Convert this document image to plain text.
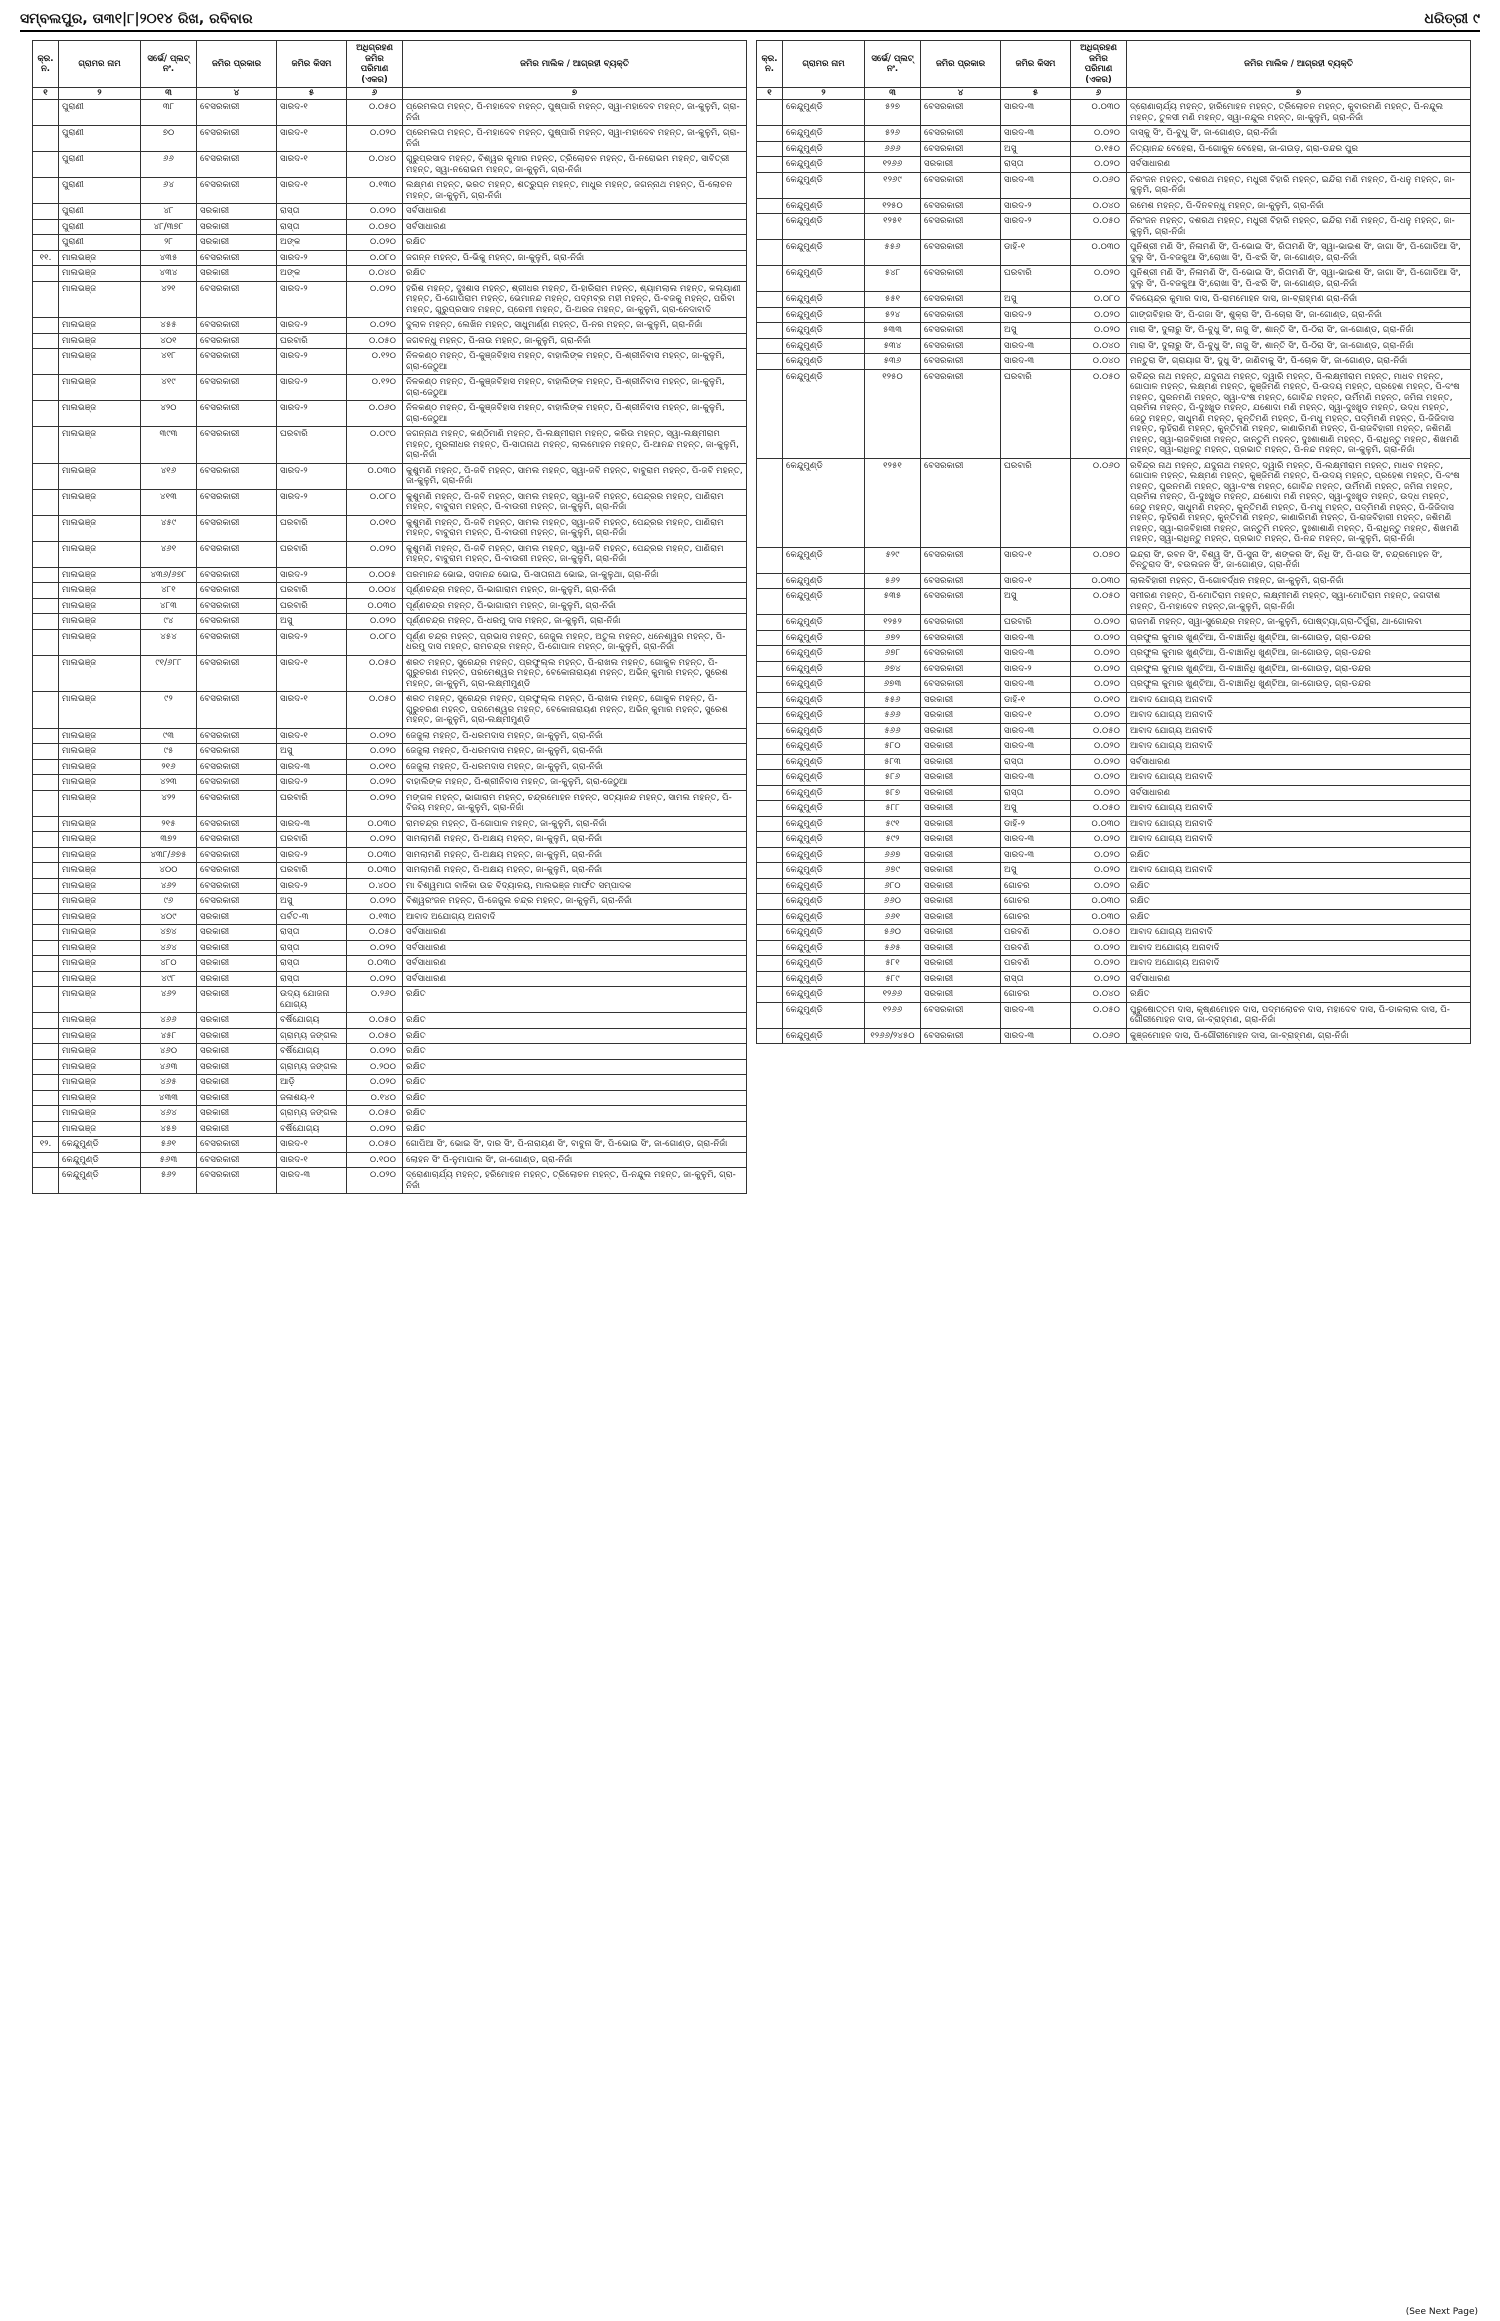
ସମ୍ବଲପୁର, ତା୩୧|୮|୨୦୧୪ ରିଖ, ରବିବାର	ଧରିତ୍ରୀ ୯
କ୍ର. ନ.	ଗ୍ରାମର ନାମ	ସର୍ଭେ/ ପ୍ଲଟ୍ ନଂ.	ଜମିର ପ୍ରକାର	ଜମିର କିସମ	ଅଧିଗ୍ରହଣ ଜମିର ପରିମାଣ (ଏକର)	ଜମିର ମାଲିକ / ଆଗ୍ରହୀ ବ୍ୟକ୍ତି
୧	୨	୩	୪	୫	୬	୭
	ପୁରାଣୀ	୩୮	ବେସରକାରୀ	ସାରଦ-୧	୦.୦୫୦	ପ୍ରେମଲତା ମହନ୍ତ, ପି-ମହାଦେବ ମହନ୍ତ, ପୁଷ୍ପାରି ମହନ୍ତ, ସ୍ୱା-ମହାଦେବ ମହନ୍ତ, ଜା-କୁଳୁମି, ଗ୍ରା-ନିଜାଁ
	ପୁରାଣୀ	୭୦	ବେସରକାରୀ	ସାରଦ-୧	୦.୦୨୦	ପ୍ରେମଲତା ମହନ୍ତ, ପି-ମହାଦେବ ମହନ୍ତ, ପୁଷ୍ପାରି ମହନ୍ତ, ସ୍ୱା-ମହାଦେବ ମହନ୍ତ, ଜା-କୁଳୁମି, ଗ୍ରା-ନିଜାଁ
	ପୁରାଣୀ	୬୬	ବେସରକାରୀ	ସାରଦ-୧	୦.୦୪୦	ଗୁରୁପ୍ରସାଦ ମହନ୍ତ, ବିଶ୍ୱର କୁମାର ମହନ୍ତ, ତ୍ରିଲୋଚନ ମହନ୍ତ, ପି-ନରୋଭମ ମହନ୍ତ, ସାବିତ୍ରୀ ମହନ୍ତ, ସ୍ୱା-ନରୋଭମ ମହନ୍ତ, ଜା-କୁଳୁମି, ଗ୍ରା-ନିଜାଁ
	ପୁରାଣୀ	୬୪	ବେସରକାରୀ	ସାରଦ-୧	୦.୧୩୦	ଲକ୍ଷ୍ମଣ ମହନ୍ତ, ଭରତ ମହନ୍ତ, ଶତ୍ରୁଘ୍ନ ମହନ୍ତ, ମାଧୁର ମହନ୍ତ, ଜଗନ୍ନାଥ ମହନ୍ତ, ପି-ଲୋଚନ ମହନ୍ତ, ଜା-କୁଳୁମି, ଗ୍ରା-ନିଜାଁ
	ପୁରାଣୀ	୪୮	ସରକାରୀ	ରାସ୍ତା	୦.୦୨୦	ସର୍ବସାଧାରଣ
	ପୁରାଣୀ	୪୮/୩୭୮	ସରକାରୀ	ରାସ୍ତା	୦.୦୭୦	ସର୍ବସାଧାରଣ
	ପୁରାଣୀ	୨୮	ସରକାରୀ	ଅଙ୍କ	୦.୦୨୦	ରକ୍ଷିତ
୧୧.	ମାଲଭଞ୍ଜ	୪୩୫	ବେସରକାରୀ	ସାରଦ-୨	୦.୦୮୦	ଜଗନ୍ନ ମହନ୍ତ, ପି-ଭିକୁ ମହନ୍ତ, ଜା-କୁଳୁମି, ଗ୍ରା-ନିଜାଁ
	ମାଲଭଞ୍ଜ	୪୩୪	ସରକାରୀ	ଅଙ୍କ	୦.୦୪୦	ରକ୍ଷିତ
	ମାଲଭଞ୍ଜ	୪୨୧	ବେସରକାରୀ	ସାରଦ-୨	୦.୦୨୦	ହରିଶ ମହନ୍ତ, ଦୁଃଶାସ ମହନ୍ତ, ଶ୍ରୀଧର ମହନ୍ତ, ପି-ହାରିରାମ ମହନ୍ତ, ଶ୍ୟାମଲାଲ ମହନ୍ତ, କଲ୍ୟାଣୀ ମହନ୍ତ, ପି-ଗୋପିରାମ ମହନ୍ତ, ଭେମାନନ୍ଦ ମହନ୍ତ, ପଦ୍ମବ୍ର ମହୀ ମହନ୍ତ, ପି-ବଜକୁ ମହନ୍ତ, ପରିବା ମହନ୍ତ, ଗୁରୁପ୍ରସାଦ ମହନ୍ତ, ପ୍ରେମୀ ମହନ୍ତ, ପି-ଅରଜ ମହନ୍ତ, ଜା-କୁଳୁମି, ଗ୍ରା-ନେଦାବାଦି
	ମାଲଭଞ୍ଜ	୪୫୫	ବେସରକାରୀ	ସାରଦ-୨	୦.୦୨୦	ଦୁଲାଳ ମହନ୍ତ, ଲେଖିନ ମହନ୍ତ, ସାଧୁମାର୍ଣ୍ଣ ମହନ୍ତ, ପି-ନର ମହନ୍ତ, ଜା-କୁଳୁମି, ଗ୍ରା-ନିଜାଁ
	ମାଲଭଞ୍ଜ	୪୦୧	ବେସରକାରୀ	ଘରବାରି	୦.୦୫୦	ଜଗବନ୍ଧୁ ମହନ୍ତ, ପି-ନାଉ ମହନ୍ତ, ଜା-କୁଳୁମି, ଗ୍ରା-ନିଜାଁ
	ମାଲଭଞ୍ଜ	୪୧୮	ବେସରକାରୀ	ସାରଦ-୨	୦.୧୨୦	ନିଳକଣ୍ଠ ମହନ୍ତ, ପି-କୁଞ୍ଜବିହାସ ମହନ୍ତ, ବାହାଲିଙ୍କ ମହନ୍ତ, ପି-ଶ୍ରୀନିବାସ ମହନ୍ତ, ଜା-କୁଳୁମି, ଗ୍ରା-ଜେଠୁଆ
	ମାଲଭଞ୍ଜ	୪୧୯	ବେସରକାରୀ	ସାରଦ-୨	୦.୧୨୦	ନିଳକଣ୍ଠ ମହନ୍ତ, ପି-କୁଞ୍ଜବିହାସ ମହନ୍ତ, ବାହାଲିଙ୍କ ମହନ୍ତ, ପି-ଶ୍ରୀନିବାସ ମହନ୍ତ, ଜା-କୁଳୁମି, ଗ୍ରା-ଜେଠୁଆ
	ମାଲଭଞ୍ଜ	୪୨୦	ବେସରକାରୀ	ସାରଦ-୨	୦.୦୬୦	ନିଳକଣ୍ଠ ମହନ୍ତ, ପି-କୁଞ୍ଜବିହାସ ମହନ୍ତ, ବାହାଲିଙ୍କ ମହନ୍ତ, ପି-ଶ୍ରୀନିବାସ ମହନ୍ତ, ଜା-କୁଳୁମି, ଗ୍ରା-ଜେଠୁଆ
	ମାଲଭଞ୍ଜ	୩୯୩	ବେସରକାରୀ	ଘରବାରି	୦.୦୯୦	ଜଗନ୍ନାଥ ମହନ୍ତ, କଣ୍ଠିମାଣି ମହନ୍ତ, ପି-ଲକ୍ଷ୍ମୀରାମ ମହନ୍ତ, କରିଉ ମହନ୍ତ, ସ୍ୱା-ଲକ୍ଷ୍ମୀରାମ ମହନ୍ତ, ମୁରଲୀଧର ମହନ୍ତ, ପି-ସାତାନାଥ ମହନ୍ତ, ଲାଲମୋହନ ମହନ୍ତ, ପି-ଆନନ୍ଦ ମହନ୍ତ, ଜା-କୁଳୁମି, ଗ୍ରା-ନିଜାଁ
	ମାଲଭଞ୍ଜ	୪୧୬	ବେସରକାରୀ	ସାରଦ-୨	୦.୦୩୦	କୁଶୁମଣି ମହନ୍ତ, ପି-ଜବି ମହନ୍ତ, ସାମଲ ମହନ୍ତ, ସ୍ୱା-ଜବି ମହନ୍ତ, ବାବୁରାମ ମହନ୍ତ, ପି-ଜବି ମହନ୍ତ, ଜା-କୁଳୁମି, ଗ୍ରା-ନିଜାଁ
	ମାଲଭଞ୍ଜ	୪୧୩	ବେସରକାରୀ	ସାରଦ-୨	୦.୦୮୦	କୁଶୁମଣି ମହନ୍ତ, ପି-ଜବି ମହନ୍ତ, ସାମଲ ମହନ୍ତ, ସ୍ୱା-ଜବି ମହନ୍ତ, ପେନ୍ଦ୍ରର ମହନ୍ତ, ପାଣିରାମ ମହନ୍ତ, ବାବୁରାମ ମହନ୍ତ, ପି-ବାଉରୀ ମହନ୍ତ, ଜା-କୁଳୁମି, ଗ୍ରା-ନିଜାଁ
	ମାଲଭଞ୍ଜ	୪୫୯	ବେସରକାରୀ	ଘରବାରି	୦.୦୧୦	କୁଶୁମଣି ମହନ୍ତ, ପି-ଜବି ମହନ୍ତ, ସାମଲ ମହନ୍ତ, ସ୍ୱା-ଜବି ମହନ୍ତ, ପେନ୍ଦ୍ରର ମହନ୍ତ, ପାଣିରାମ ମହନ୍ତ, ବାବୁରାମ ମହନ୍ତ, ପି-ବାଉରୀ ମହନ୍ତ, ଜା-କୁଳୁମି, ଗ୍ରା-ନିଜାଁ
	ମାଲଭଞ୍ଜ	୪୬୧	ବେସରକାରୀ	ଘରବାରି	୦.୦୨୦	କୁଶୁମଣି ମହନ୍ତ, ପି-ଜବି ମହନ୍ତ, ସାମଲ ମହନ୍ତ, ସ୍ୱା-ଜବି ମହନ୍ତ, ପେନ୍ଦ୍ରର ମହନ୍ତ, ପାଣିରାମ ମହନ୍ତ, ବାବୁରାମ ମହନ୍ତ, ପି-ବାଉରୀ ମହନ୍ତ, ଜା-କୁଳୁମି, ଗ୍ରା-ନିଜାଁ
	ମାଲଭଞ୍ଜ	୪୩୬/୬୭୮	ବେସରକାରୀ	ସାରଦ-୨	୦.୦୦୫	ପରମାନନ୍ଦ ଭୋଇ, ସଦାନନ୍ଦ ଭୋଇ, ପି-ସାତାନାଥ ଭୋଇ, ଜା-କୁଳୁଥା, ଗ୍ରା-ନିଜାଁ
	ମାଲଭଞ୍ଜ	୪୮୧	ବେସରକାରୀ	ଘରବାରି	୦.୦୦୪	ପୂର୍ଣ୍ଣଚନ୍ଦ୍ର ମହନ୍ତ, ପି-ଭାଗାରାମ ମହନ୍ତ, ଜା-କୁଳୁମି, ଗ୍ରା-ନିଜାଁ
	ମାଲଭଞ୍ଜ	୪୮୩	ବେସରକାରୀ	ଘରବାରି	୦.୦୩୦	ପୂର୍ଣ୍ଣଚନ୍ଦ୍ର ମହନ୍ତ, ପି-ଭାଗାରାମ ମହନ୍ତ, ଜା-କୁଳୁମି, ଗ୍ରା-ନିଜାଁ
	ମାଲଭଞ୍ଜ	୯୪	ବେସରକାରୀ	ଅସୁ	୦.୦୨୦	ପୂର୍ଣ୍ଣଚନ୍ଦ୍ର ମହନ୍ତ, ପି-ଧରମୁ ଦାସ ମହନ୍ତ, ଜା-କୁଳୁମି, ଗ୍ରା-ନିଜାଁ
	ମାଲଭଞ୍ଜ	୪୫୪	ବେସରକାରୀ	ସାରଦ-୨	୦.୦୮୦	ପୂର୍ଣ୍ଣ ଚନ୍ଦ୍ର ମହନ୍ତ, ପ୍ରଭାସ ମହନ୍ତ, ଜେଜୁଲ ମହନ୍ତ, ଅତୁଲ ମହନ୍ତ, ଧନେଶ୍ୱର ମହନ୍ତ, ପି-ଧରମୁ ଦାସ ମହନ୍ତ, ରାମଚନ୍ଦ୍ର ମହନ୍ତ, ପି-ଗୋପାଳ ମହନ୍ତ, ଜା-କୁଳୁମି, ଗ୍ରା-ନିଜାଁ
	ମାଲଭଞ୍ଜ	୯୧/୬୮୮	ବେସରକାରୀ	ସାରଦ-୧	୦.୦୫୦	ଶରତ ମହନ୍ତ, ସୁରେନ୍ଦ୍ର ମହନ୍ତ, ପ୍ରଫୁଲ୍ଲ ମହନ୍ତ, ପି-ରାଖଲ ମହନ୍ତ, ଗୋକୁଳ ମହନ୍ତ, ପି-ଗୁରୁଚରଣ ମହନ୍ତ, ପରମେଶ୍ୱର ମହନ୍ତ, ବେକୋନାରାୟଣ ମହନ୍ତ, ଅଭିନ୍ କୁମାର ମହନ୍ତ, ସୁରେଶ ମହନ୍ତ, ଜା-କୁଳୁମି, ଗ୍ରା-ଲକ୍ଷ୍ମୀମୁଣ୍ଡି
	ମାଲଭଞ୍ଜ	୯୨	ବେସରକାରୀ	ସାରଦ-୧	୦.୦୫୦	ଶରତ ମହନ୍ତ, ସୁରେନ୍ଦ୍ର ମହନ୍ତ, ପ୍ରଫୁଲ୍ଲ ମହନ୍ତ, ପି-ରାଖଲ ମହନ୍ତ, ଗୋକୁଳ ମହନ୍ତ, ପି-ଗୁରୁଚରଣ ମହନ୍ତ, ପରମେଶ୍ୱର ମହନ୍ତ, ବେକୋନାରାୟଣ ମହନ୍ତ, ଅଭିନ୍ କୁମାର ମହନ୍ତ, ସୁରେଶ ମହନ୍ତ, ଜା-କୁଳୁମି, ଗ୍ରା-ଲକ୍ଷ୍ମୀମୁଣ୍ଡି
	ମାଲଭଞ୍ଜ	୯୩	ବେସରକାରୀ	ସାରଦ-୧	୦.୦୨୦	ଜେଜୁଲା ମହନ୍ତ, ପି-ଧରମଦାସ ମହନ୍ତ, ଜା-କୁଳୁମି, ଗ୍ରା-ନିଜାଁ
	ମାଲଭଞ୍ଜ	୯୫	ବେସରକାରୀ	ଅସୁ	୦.୦୨୦	ଜେଜୁଲା ମହନ୍ତ, ପି-ଧରମଦାସ ମହନ୍ତ, ଜା-କୁଳୁମି, ଗ୍ରା-ନିଜାଁ
	ମାଲଭଞ୍ଜ	୨୧୬	ବେସରକାରୀ	ସାରଦ-୩	୦.୦୧୦	ଜେଜୁଲା ମହନ୍ତ, ପି-ଧରମଦାସ ମହନ୍ତ, ଜା-କୁଳୁମି, ଗ୍ରା-ନିଜାଁ
	ମାଲଭଞ୍ଜ	୪୨୩	ବେସରକାରୀ	ସାରଦ-୨	୦.୦୨୦	ବାହାଲିଙ୍କ ମହନ୍ତ, ପି-ଶ୍ରୀନିବାସ ମହନ୍ତ, ଜା-କୁଳୁମି, ଗ୍ରା-ଜେଠୁଆ
	ମାଲଭଞ୍ଜ	୪୨୨	ବେସରକାରୀ	ଘରବାରି	୦.୦୨୦	ମଙ୍ଗଳ ମହନ୍ତ, ଭାଗାରାମ ମହନ୍ତ, ଚନ୍ଦ୍ରମୋହନ ମହନ୍ତ, ସତ୍ୟାନନ୍ଦ ମହନ୍ତ, ସାମଲ ମହନ୍ତ, ପି-ବିଜୟ ମହନ୍ତ, ଜା-କୁଳୁମି, ଗ୍ରା-ନିଜାଁ
	ମାଲଭଞ୍ଜ	୨୧୫	ବେସରକାରୀ	ସାରଦ-୩	୦.୦୩୦	ରାମଚନ୍ଦ୍ର ମହନ୍ତ, ପି-ଗୋପାଳ ମହନ୍ତ, ଜା-କୁଳୁମି, ଗ୍ରା-ନିଜାଁ
	ମାଲଭଞ୍ଜ	୩୭୨	ବେସରକାରୀ	ଘରବାରି	୦.୦୨୦	ସାମଲାମଣି ମହନ୍ତ, ପି-ଅକ୍ଷୟ ମହନ୍ତ, ଜା-କୁଳୁମି, ଗ୍ରା-ନିଜାଁ
	ମାଲଭଞ୍ଜ	୪୩୮/୬୭୫	ବେସରକାରୀ	ସାରଦ-୨	୦.୦୩୦	ସାମଲାମଣି ମହନ୍ତ, ପି-ଅକ୍ଷୟ ମହନ୍ତ, ଜା-କୁଳୁମି, ଗ୍ରା-ନିଜାଁ
	ମାଲଭଞ୍ଜ	୪୦୦	ବେସରକାରୀ	ଘରବାରି	୦.୦୩୦	ସାମଲାମଣି ମହନ୍ତ, ପି-ଅକ୍ଷୟ ମହନ୍ତ, ଜା-କୁଳୁମି, ଗ୍ରା-ନିଜାଁ
	ମାଲଭଞ୍ଜ	୪୬୨	ବେସରକାରୀ	ସାରଦ-୨	୦.୪୦୦	ମା ବିଶ୍ୱମାତା ବାଳିକା ଉଚ୍ଚ ବିଦ୍ୟାଳୟ, ମାଲଭଞ୍ଜ ମାର୍ଫତ ସମ୍ପାଦକ
	ମାଲଭଞ୍ଜ	୯୬	ବେସରକାରୀ	ଅସୁ	୦.୦୨୦	ବିଶ୍ୱରଂଜନ ମହନ୍ତ, ପି-ଜେଜୁଲ ଚନ୍ଦ୍ର ମହନ୍ତ, ଜା-କୁଳୁମି, ଗ୍ରା-ନିଜାଁ
	ମାଲଭଞ୍ଜ	୪୦୯	ସରକାରୀ	ପର୍ବତ-୩	୦.୧୩୦	ଆବାଦ ଅଯୋଗ୍ୟ ଅନାବାଦି
	ମାଲଭଞ୍ଜ	୪୭୪	ସରକାରୀ	ରାସ୍ତା	୦.୦୫୦	ସର୍ବସାଧାରଣ
	ମାଲଭଞ୍ଜ	୪୬୪	ସରକାରୀ	ରାସ୍ତା	୦.୦୨୦	ସର୍ବସାଧାରଣ
	ମାଲଭଞ୍ଜ	୪୮୦	ସରକାରୀ	ରାସ୍ତା	୦.୦୩୦	ସର୍ବସାଧାରଣ
	ମାଲଭଞ୍ଜ	୪୯୮	ସରକାରୀ	ରାସ୍ତା	୦.୦୨୦	ସର୍ବସାଧାରଣ
	ମାଲଭଞ୍ଜ	୪୬୨	ସରକାରୀ	ଉଦ୍ୟ ଯୋଜନା ଯୋଗ୍ୟ	୦.୨୬୦	ରକ୍ଷିତ
	ମାଲଭଞ୍ଜ	୪୬୬	ସରକାରୀ	ବର୍ଷିଯୋଗ୍ୟ	୦.୦୫୦	ରକ୍ଷିତ
	ମାଲଭଞ୍ଜ	୪୫୮	ସରକାରୀ	ଗ୍ରାମ୍ୟ ଜଙ୍ଗଲ	୦.୦୫୦	ରକ୍ଷିତ
	ମାଲଭଞ୍ଜ	୪୬୦	ସରକାରୀ	ବର୍ଷିଯୋଗ୍ୟ	୦.୦୨୦	ରକ୍ଷିତ
	ମାଲଭଞ୍ଜ	୪୬୩	ସରକାରୀ	ଗ୍ରାମ୍ୟ ଜଙ୍ଗଲ	୦.୨୦୦	ରକ୍ଷିତ
	ମାଲଭଞ୍ଜ	୪୬୫	ସରକାରୀ	ଆଡ଼ି	୦.୦୨୦	ରକ୍ଷିତ
	ମାଲଭଞ୍ଜ	୪୩୩	ସରକାରୀ	ଜଳାଶୟ-୧	୦.୧୪୦	ରକ୍ଷିତ
	ମାଲଭଞ୍ଜ	୪୬୪	ସରକାରୀ	ଗ୍ରାମ୍ୟ ଜଙ୍ଗଲ	୦.୦୫୦	ରକ୍ଷିତ
	ମାଲଭଞ୍ଜ	୪୫୭	ସରକାରୀ	ବର୍ଷିଯୋଗ୍ୟ	୦.୦୨୦	ରକ୍ଷିତ
୧୨.	କେନ୍ଦୁମୁଣ୍ଡି	୫୬୧	ବେସରକାରୀ	ସାରଦ-୧	୦.୦୫୦	ଗୋପିଆ ସିଂ, ଭୋଇ ସିଂ, ଦାର ସିଂ, ପି-ନାରାୟଣ ସିଂ, ବାବୁନା ସିଂ, ପି-ଭୋଇ ସିଂ, ଜା-ଗୋଣ୍ଡ, ଗ୍ରା-ନିଜାଁ
	କେନ୍ଦୁମୁଣ୍ଡି	୫୬୩	ବେସରକାରୀ	ସାରଦ-୧	୦.୧୦୦	ଲୋହନ ସିଂ ପି-ନୁମାପାଲ ସିଂ, ଜା-ଗୋଣ୍ଡ, ଗ୍ରା-ନିଜାଁ
	କେନ୍ଦୁମୁଣ୍ଡି	୫୬୨	ବେସରକାରୀ	ସାରଦ-୩	୦.୦୨୦	ଦ୍ରୋଣାଚାର୍ଯ୍ୟ ମହନ୍ତ, ହରିମୋହନ ମହନ୍ତ, ତ୍ରିଲୋଚନ ମହନ୍ତ, ପି-ନନ୍ଦୁଲ ମହନ୍ତ, ଜା-କୁଳୁମି, ଗ୍ରା-ନିଜାଁ
କ୍ର. ନ.	ଗ୍ରାମର ନାମ	ସର୍ଭେ/ ପ୍ଲଟ୍ ନଂ.	ଜମିର ପ୍ରକାର	ଜମିର କିସମ	ଅଧିଗ୍ରହଣ ଜମିର ପରିମାଣ (ଏକର)	ଜମିର ମାଲିକ / ଆଗ୍ରହୀ ବ୍ୟକ୍ତି
୧	୨	୩	୪	୫	୬	୭
	କେନ୍ଦୁମୁଣ୍ଡି	୫୨୭	ବେସରକାରୀ	ସାରଦ-୩	୦.୦୩୦	ଦ୍ରୋଣାଚାର୍ଯ୍ୟ ମହନ୍ତ, ହାରିମୋହନ ମହନ୍ତ, ତ୍ରିଲୋଚନ ମହନ୍ତ, କୁବାରମଣି ମହନ୍ତ, ପି-ନନ୍ଦୁଲ ମହନ୍ତ, ତୁଳସୀ ମଣି ମହନ୍ତ, ସ୍ୱା-ନନ୍ଦୁଲ ମହନ୍ତ, ଜା-କୁଳୁମି, ଗ୍ରା-ନିଜାଁ
	କେନ୍ଦୁମୁଣ୍ଡି	୫୨୬	ବେସରକାରୀ	ସାରଦ-୩	୦.୦୨୦	ଦାସ୍କୁ ସିଂ, ପି-ବୁଧୁ ସିଂ, ଜା-ଗୋଣ୍ଡ, ଗ୍ରା-ନିଜାଁ
	କେନ୍ଦୁମୁଣ୍ଡି	୬୬୬	ବେସରକାରୀ	ଅସୁ	୦.୧୫୦	ନିତ୍ୟାନନ୍ଦ ବେହେରା, ପି-ଗୋକୁଳ ବେହେରା, ଜା-ଗଉଡ଼, ଗ୍ରା-ଡନ୍ଦର ପୁର
	କେନ୍ଦୁମୁଣ୍ଡି	୧୨୬୬	ସରକାରୀ	ରାସ୍ତା	୦.୦୨୦	ସର୍ବସାଧାରଣ
	କେନ୍ଦୁମୁଣ୍ଡି	୧୨୬୯	ବେସରକାରୀ	ସାରଦ-୩	୦.୦୬୦	ନିରଂଜନ ମହନ୍ତ, ଦଶରଥ ମହନ୍ତ, ମଧୁରୀ ବିହାରି ମହନ୍ତ, ଇନ୍ଦିରା ମଣି ମହନ୍ତ, ପି-ଧନୁ ମହନ୍ତ, ଜା-କୁଳୁମି, ଗ୍ରା-ନିଜାଁ
	କେନ୍ଦୁମୁଣ୍ଡି	୧୨୫୦	ବେସରକାରୀ	ସାରଦ-୨	୦.୦୪୦	ରମେଶ ମହନ୍ତ, ପି-ଦିନବନ୍ଧୁ ମହନ୍ତ, ଜା-କୁଳୁମି, ଗ୍ରା-ନିଜାଁ
	କେନ୍ଦୁମୁଣ୍ଡି	୧୨୫୧	ବେସରକାରୀ	ସାରଦ-୨	୦.୦୫୦	ନିରଂଜନ ମହନ୍ତ, ଦଶରଥ ମହନ୍ତ, ମଧୁରୀ ବିହାରି ମହନ୍ତ, ଇନ୍ଦିରା ମଣି ମହନ୍ତ, ପି-ଧନୁ ମହନ୍ତ, ଜା-କୁଳୁମି, ଗ୍ରା-ନିଜାଁ
	କେନ୍ଦୁମୁଣ୍ଡି	୫୫୬	ବେସରକାରୀ	ଡାହି-୧	୦.୦୩୦	ପୁନିଶ୍ରୀ ମଣି ସିଂ, ନିଳାମଣି ସିଂ, ପି-ଭୋଇ ସିଂ, ରିତାମଣି ସିଂ, ସ୍ୱା-ଭାଇଶ ସିଂ, ଜାଗା ସିଂ, ପି-ଗୋଡିଆ ସିଂ, ଦୁଲୁ ସିଂ, ପି-ବଜକୁଆ ସିଂ,ରୋଖା ସିଂ, ପି-ଝରି ସିଂ, ଜା-ଗୋଣ୍ଡ, ଗ୍ରା-ନିଜାଁ
	କେନ୍ଦୁମୁଣ୍ଡି	୫୪୮	ବେସରକାରୀ	ଘରବାରି	୦.୦୨୦	ପୁନିଶ୍ରୀ ମଣି ସିଂ, ନିଳାମଣି ସିଂ, ପି-ଭୋଇ ସିଂ, ରିତାମଣି ସିଂ, ସ୍ୱା-ଭାଇଶ ସିଂ, ଜାଗା ସିଂ, ପି-ଗୋଡିଆ ସିଂ, ଦୁଲୁ ସିଂ, ପି-ବଜକୁଆ ସିଂ,ରୋଖା ସିଂ, ପି-ଝରି ସିଂ, ଜା-ଗୋଣ୍ଡ, ଗ୍ରା-ନିଜାଁ
	କେନ୍ଦୁମୁଣ୍ଡି	୫୫୧	ବେସରକାରୀ	ଅସୁ	୦.୦୮୦	ବିଜୟେନ୍ଦ୍ର କୁମାର ଦାସ, ପି-ରାମମୋହନ ଦାସ, ଜା-ବ୍ରାହ୍ମଣ ଗ୍ରା-ନିଜାଁ
	କେନ୍ଦୁମୁଣ୍ଡି	୫୨୪	ବେସରକାରୀ	ସାରଦ-୨	୦.୦୨୦	ଗାଙ୍ଗବିହାର ସିଂ, ପି-ଗଜା ସିଂ, ଶୁକ୍ରା ସିଂ, ପି-ଚୋରା ସିଂ, ଜା-ଗୋଣ୍ଡ, ଗ୍ରା-ନିଜାଁ
	କେନ୍ଦୁମୁଣ୍ଡି	୫୩୩	ବେସରକାରୀ	ଅସୁ	୦.୦୨୦	ମାରା ସିଂ, ଦୁଲାରୁ ସିଂ, ପି-ବୁଧୁ ସିଂ, ନାଜୁ ସିଂ, ଶାନ୍ତି ସିଂ, ପି-ଠିରା ସିଂ, ଜା-ଗୋଣ୍ଡ, ଗ୍ରା-ନିଜାଁ
	କେନ୍ଦୁମୁଣ୍ଡି	୫୩୪	ବେସରକାରୀ	ସାରଦ-୩	୦.୦୪୦	ମାରା ସିଂ, ଦୁଲାରୁ ସିଂ, ପି-ବୁଧୁ ସିଂ, ନାଜୁ ସିଂ, ଶାନ୍ତି ସିଂ, ପି-ଠିରା ସିଂ, ଜା-ଗୋଣ୍ଡ, ଗ୍ରା-ନିଜାଁ
	କେନ୍ଦୁମୁଣ୍ଡି	୫୩୬	ବେସରକାରୀ	ସାରଦ-୩	୦.୦୪୦	ମନ୍ତୁରା ସିଂ, ଗ୍ରାୟାଗ ସିଂ, ଦୁଧୁ ସିଂ, ଜାଣିବାକୁ ସିଂ, ପି-ଚୋକ ସିଂ, ଜା-ଗୋଣ୍ଡ, ଗ୍ରା-ନିଜାଁ
	କେନ୍ଦୁମୁଣ୍ଡି	୧୨୫୦	ବେସରକାରୀ	ଘରବାରି	୦.୦୫୦	ରବିନ୍ଦ୍ର ନାଥ ମହନ୍ତ, ଯଦୁନାଥ ମହନ୍ତ, ଦ୍ୱାରି ମହନ୍ତ, ପି-ଲକ୍ଷ୍ମୀରାମ ମହନ୍ତ, ମାଧବ ମହନ୍ତ, ଗୋପାଳ ମହନ୍ତ, ଲକ୍ଷ୍ମଣ ମହନ୍ତ, କୁଞ୍ଜିମଣି ମହନ୍ତ, ପି-ଉଦୟ ମହନ୍ତ, ପ୍ରହେଶ ମହନ୍ତ, ପି-ଦଂଷ ମହନ୍ତ, ପୁରନମଣି ମହନ୍ତ, ସ୍ୱା-ଦଂଷ ମହନ୍ତ, ଗୋବିନ୍ଦ ମହନ୍ତ, ଉର୍ମିମଣି ମହନ୍ତ, ଜମିନା ମହନ୍ତ, ପ୍ରମିଳା ମହନ୍ତ, ପି-ଦୁଃଖୁଡ ମହନ୍ତ, ଯଶୋଦା ମଣି ମହନ୍ତ, ସ୍ୱା-ଦୁଃଖୁଡ ମହନ୍ତ, ଉଦ୍ଧ ମହନ୍ତ, ଜେଠୁ ମହନ୍ତ, ସାଧୁମଣି ମହନ୍ତ, କୁନ୍ତିମଣି ମହନ୍ତ, ପି-ମଧୁ ମହନ୍ତ, ପଦ୍ମିମଣି ମହନ୍ତ, ପି-ଜିଜିଦାସ ମହନ୍ତ, ଲୁହିରାଣି ମହନ୍ତ, କୁନ୍ତିମଣି ମହନ୍ତ, କାଣାରିମଣି ମହନ୍ତ, ପି-ରାଜବିହାରୀ ମହନ୍ତ, ଜଶିମଣି ମହନ୍ତ, ସ୍ୱା-ରାଜବିହାରୀ ମହନ୍ତ, ଜାନ୍ତୁମି ମହନ୍ତ, ଦୁଃଶାଶାଣି ମହନ୍ତ, ପି-ରାଧିନ୍ତୁ ମହନ୍ତ, ଶିଖମଣି ମହନ୍ତ, ସ୍ୱା-ରାଧିନ୍ତୁ ମହନ୍ତ, ପ୍ରଭାତ ମହନ୍ତ, ପି-ନନ୍ଦ ମହନ୍ତ, ଜା-କୁଳୁମି, ଗ୍ରା-ନିଜାଁ
	କେନ୍ଦୁମୁଣ୍ଡି	୧୨୫୧	ବେସରକାରୀ	ଘରବାରି	୦.୦୬୦	ରବିନ୍ଦ୍ର ନାଥ ମହନ୍ତ, ଯଦୁନାଥ ମହନ୍ତ, ଦ୍ୱାରି ମହନ୍ତ, ପି-ଲକ୍ଷ୍ମୀରାମ ମହନ୍ତ, ମାଧବ ମହନ୍ତ, ଗୋପାଳ ମହନ୍ତ, ଲକ୍ଷ୍ମଣ ମହନ୍ତ, କୁଞ୍ଜିମଣି ମହନ୍ତ, ପି-ଉଦୟ ମହନ୍ତ, ପ୍ରହେଶ ମହନ୍ତ, ପି-ଦଂଷ ମହନ୍ତ, ପୁରନମଣି ମହନ୍ତ, ସ୍ୱା-ଦଂଷ ମହନ୍ତ, ଗୋବିନ୍ଦ ମହନ୍ତ, ଉର୍ମିମଣି ମହନ୍ତ, ଜମିନା ମହନ୍ତ, ପ୍ରମିଳା ମହନ୍ତ, ପି-ଦୁଃଖୁଡ ମହନ୍ତ, ଯଶୋଦା ମଣି ମହନ୍ତ, ସ୍ୱା-ଦୁଃଖୁଡ ମହନ୍ତ, ଉଦ୍ଧ ମହନ୍ତ, ଜେଠୁ ମହନ୍ତ, ସାଧୁମଣି ମହନ୍ତ, କୁନ୍ତିମଣି ମହନ୍ତ, ପି-ମଧୁ ମହନ୍ତ, ପଦ୍ମିମଣି ମହନ୍ତ, ପି-ଜିଜିଦାସ ମହନ୍ତ, ଲୁହିରାଣି ମହନ୍ତ, କୁନ୍ତିମଣି ମହନ୍ତ, କାଣାରିମଣି ମହନ୍ତ, ପି-ରାଜବିହାରୀ ମହନ୍ତ, ଜଶିମଣି ମହନ୍ତ, ସ୍ୱା-ରାଜବିହାରୀ ମହନ୍ତ, ଜାନ୍ତୁମି ମହନ୍ତ, ଦୁଃଶାଶାଣି ମହନ୍ତ, ପି-ରାଧିନ୍ତୁ ମହନ୍ତ, ଶିଖମଣି ମହନ୍ତ, ସ୍ୱା-ରାଧିନ୍ତୁ ମହନ୍ତ, ପ୍ରଭାତ ମହନ୍ତ, ପି-ନନ୍ଦ ମହନ୍ତ, ଜା-କୁଳୁମି, ଗ୍ରା-ନିଜାଁ
	କେନ୍ଦୁମୁଣ୍ଡି	୫୨୯	ବେସରକାରୀ	ସାରଦ-୧	୦.୦୭୦	ଇନ୍ଦ୍ରା ସିଂ, ରବନ ସିଂ, ବିଶ୍ୱ ସିଂ, ପି-ସୁନା ସିଂ, ଶଙ୍କର ସିଂ, ନିଧି ସିଂ, ପି-ଗଉ ସିଂ, ଚନ୍ଦ୍ରମୋହନ ସିଂ, ଚିନ୍ତୁରାଦ ସିଂ, ବଉଲଜନ ସିଂ, ଜା-ଗୋଣ୍ଡ, ଗ୍ରା-ନିଜାଁ
	କେନ୍ଦୁମୁଣ୍ଡି	୫୬୨	ବେସରକାରୀ	ସାରଦ-୧	୦.୦୩୦	ଲାଲବିହାରୀ ମହନ୍ତ, ପି-ଗୋବର୍ଦ୍ଧନ ମହନ୍ତ, ଜା-କୁଳୁମି, ଗ୍ରା-ନିଜାଁ
	କେନ୍ଦୁମୁଣ୍ଡି	୫୩୫	ବେସରକାରୀ	ଅସୁ	୦.୦୫୦	ସମୀରଣ ମହନ୍ତ, ପି-ମୋତିରାମ ମହନ୍ତ, ଲକ୍ଷ୍ମୀମଣି ମହନ୍ତ, ସ୍ୱା-ମୋତିରାମ ମହନ୍ତ, ଜଗଦୀଶ ମହନ୍ତ, ପି-ମହାଦେବ ମହନ୍ତ,ଜା-କୁଳୁମି, ଗ୍ରା-ନିଜାଁ
	କେନ୍ଦୁମୁଣ୍ଡି	୧୨୫୨	ବେସରକାରୀ	ଘରବାରି	୦.୦୨୦	ରାଜମଣି ମହନ୍ତ, ସ୍ୱା-ସୁରେନ୍ଦ୍ର ମହନ୍ତ, ଜା-କୁଳୁମି, ପୋଷ୍ଟ୍ୟା,ଗ୍ରା-ତିର୍ପୁରା, ଥା-ଗୋଲବା
	କେନ୍ଦୁମୁଣ୍ଡି	୬୭୨	ବେସରକାରୀ	ସାରଦ-୩	୦.୦୨୦	ପ୍ରଫୁଲ କୁମାର ଖୁଣ୍ଟିଆ, ପି-ବାଞ୍ଚାନିଧି ଖୁଣ୍ଟିଆ, ଜା-ଗୋଉଡ଼, ଗ୍ରା-ଡନ୍ଦର
	କେନ୍ଦୁମୁଣ୍ଡି	୬୭୮	ବେସରକାରୀ	ସାରଦ-୩	୦.୦୨୦	ପ୍ରଫୁଲ କୁମାର ଖୁଣ୍ଟିଆ, ପି-ବାଞ୍ଚାନିଧି ଖୁଣ୍ଟିଆ, ଜା-ଗୋଉଡ଼, ଗ୍ରା-ଡନ୍ଦର
	କେନ୍ଦୁମୁଣ୍ଡି	୬୭୪	ବେସରକାରୀ	ସାରଦ-୨	୦.୦୨୦	ପ୍ରଫୁଲ କୁମାର ଖୁଣ୍ଟିଆ, ପି-ବାଞ୍ଚାନିଧି ଖୁଣ୍ଟିଆ, ଜା-ଗୋଉଡ଼, ଗ୍ରା-ଡନ୍ଦର
	କେନ୍ଦୁମୁଣ୍ଡି	୬୭୩	ବେସରକାରୀ	ସାରଦ-୩	୦.୦୨୦	ପ୍ରଫୁଲ କୁମାର ଖୁଣ୍ଟିଆ, ପି-ବାଞ୍ଚାନିଧି ଖୁଣ୍ଟିଆ, ଜା-ଗୋଉଡ଼, ଗ୍ରା-ଡନ୍ଦର
	କେନ୍ଦୁମୁଣ୍ଡି	୫୫୬	ସରକାରୀ	ଡାହି-୧	୦.୦୧୦	ଆବାଦ ଯୋଗ୍ୟ ଅନାବାଦି
	କେନ୍ଦୁମୁଣ୍ଡି	୫୬୬	ସରକାରୀ	ସାରଦ-୧	୦.୦୨୦	ଆବାଦ ଯୋଗ୍ୟ ଅନାବାଦି
	କେନ୍ଦୁମୁଣ୍ଡି	୫୬୬	ସରକାରୀ	ସାରଦ-୩	୦.୦୫୦	ଆବାଦ ଯୋଗ୍ୟ ଅନାବାଦି
	କେନ୍ଦୁମୁଣ୍ଡି	୫୮୦	ସରକାରୀ	ସାରଦ-୩	୦.୦୨୦	ଆବାଦ ଯୋଗ୍ୟ ଅନାବାଦି
	କେନ୍ଦୁମୁଣ୍ଡି	୫୮୩	ସରକାରୀ	ରାସ୍ତା	୦.୦୨୦	ସର୍ବସାଧାରଣ
	କେନ୍ଦୁମୁଣ୍ଡି	୫୮୬	ସରକାରୀ	ସାରଦ-୩	୦.୦୨୦	ଆବାଦ ଯୋଗ୍ୟ ଅନାବାଦି
	କେନ୍ଦୁମୁଣ୍ଡି	୫୮୭	ସରକାରୀ	ରାସ୍ତା	୦.୦୨୦	ସର୍ବସାଧାରଣ
	କେନ୍ଦୁମୁଣ୍ଡି	୫୮୮	ସରକାରୀ	ଅସୁ	୦.୦୫୦	ଆବାଦ ଯୋଗ୍ୟ ଅନାବାଦି
	କେନ୍ଦୁମୁଣ୍ଡି	୫୯୧	ସରକାରୀ	ଡାହି-୨	୦.୦୩୦	ଆବାଦ ଯୋଗ୍ୟ ଅନାବାଦି
	କେନ୍ଦୁମୁଣ୍ଡି	୫୯୨	ସରକାରୀ	ସାରଦ-୩	୦.୦୨୦	ଆବାଦ ଯୋଗ୍ୟ ଅନାବାଦି
	କେନ୍ଦୁମୁଣ୍ଡି	୬୬୭	ସରକାରୀ	ସାରଦ-୩	୦.୦୨୦	ରକ୍ଷିତ
	କେନ୍ଦୁମୁଣ୍ଡି	୬୭୯	ସରକାରୀ	ଅସୁ	୦.୦୨୦	ଆବାଦ ଯୋଗ୍ୟ ଅନାବାଦି
	କେନ୍ଦୁମୁଣ୍ଡି	୬୮୦	ସରକାରୀ	ଗୋଚର	୦.୦୨୦	ରକ୍ଷିତ
	କେନ୍ଦୁମୁଣ୍ଡି	୬୬୦	ସରକାରୀ	ଗୋଚର	୦.୦୩୦	ରକ୍ଷିତ
	କେନ୍ଦୁମୁଣ୍ଡି	୬୬୧	ସରକାରୀ	ଗୋଚର	୦.୦୩୦	ରକ୍ଷିତ
	କେନ୍ଦୁମୁଣ୍ଡି	୫୬୦	ସରକାରୀ	ପରବଣି	୦.୦୫୦	ଆବାଦ ଯୋଗ୍ୟ ଅନାବାଦି
	କେନ୍ଦୁମୁଣ୍ଡି	୫୬୫	ସରକାରୀ	ପରବଣି	୦.୦୨୦	ଆବାଦ ଅଯୋଗ୍ୟ ଅନାବାଦି
	କେନ୍ଦୁମୁଣ୍ଡି	୫୮୧	ସରକାରୀ	ପରବଣି	୦.୦୨୦	ଆବାଦ ଅଯୋଗ୍ୟ ଅନାବାଦି
	କେନ୍ଦୁମୁଣ୍ଡି	୫୮୯	ସରକାରୀ	ରାସ୍ତା	୦.୦୨୦	ସର୍ବସାଧାରଣ
	କେନ୍ଦୁମୁଣ୍ଡି	୧୨୬୬	ସରକାରୀ	ଗୋଚର	୦.୦୪୦	ରକ୍ଷିତ
	କେନ୍ଦୁମୁଣ୍ଡି	୧୨୬୬	ବେସରକାରୀ	ସାରଦ-୩	୦.୦୫୦	ପୁରୁଷୋତ୍ତମ ଦାସ, କୃଷ୍ଣମୋହନ ଦାସ, ପଦ୍ମଲୋଚନ ଦାସ, ମହାଦେବ ଦାସ, ପି-ଡାକଲାଲ ଦାସ, ପି-ଗୌରୀମୋହନ ଦାସ, ଜା-ବ୍ରାହ୍ମଣ, ଗ୍ରା-ନିଜାଁ
	କେନ୍ଦୁମୁଣ୍ଡି	୧୨୬୬/୨୪୫୦	ବେସରକାରୀ	ସାରଦ-୩	୦.୦୬୦	କୁଞ୍ଜମୋହନ ଦାସ, ପି-ଗୌରୀମୋହନ ଦାସ, ଜା-ବ୍ରାହ୍ମଣ, ଗ୍ରା-ନିଜାଁ
(See Next Page)
